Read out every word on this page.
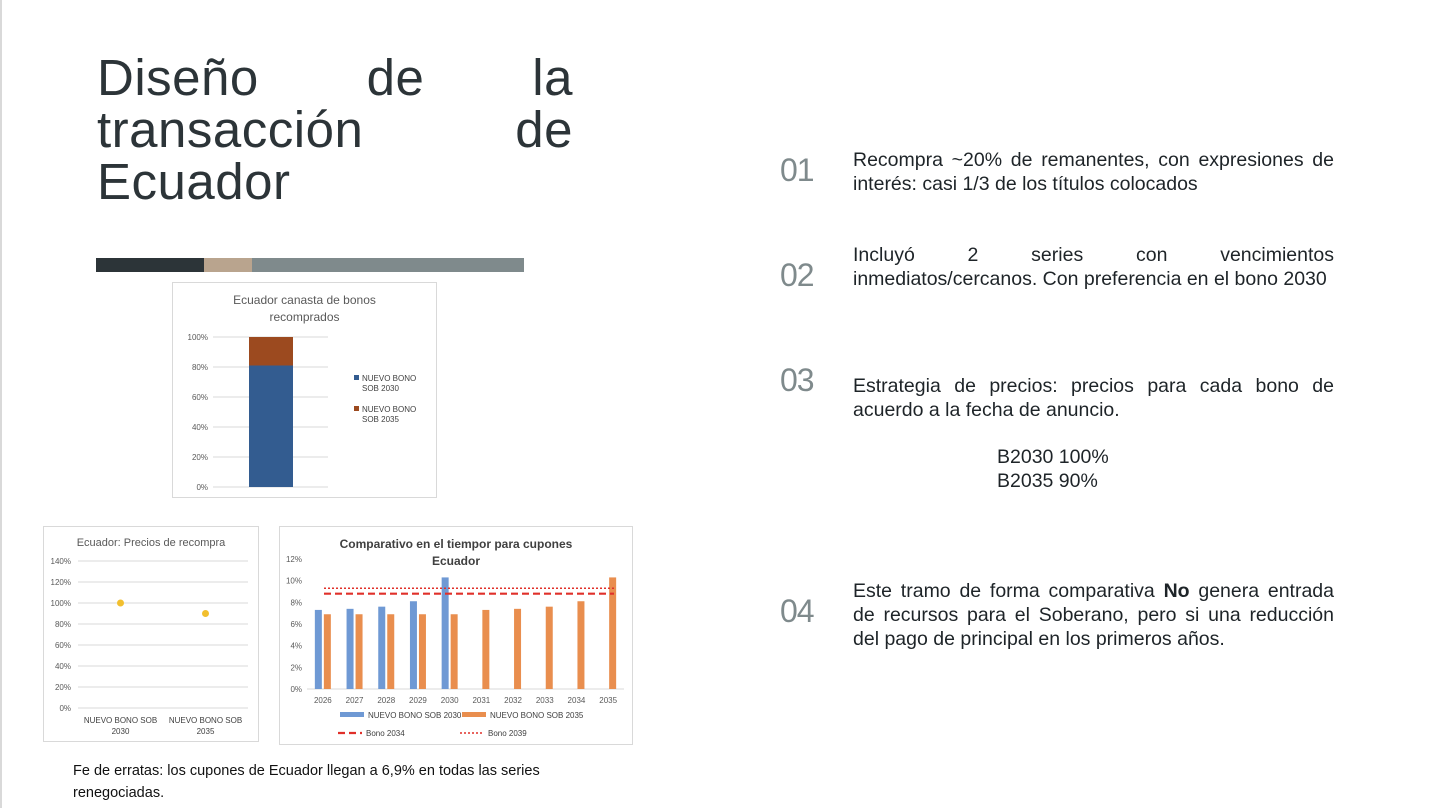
Diseño de la transacción de Ecuador
Ecuador canasta de bonos recomprados
0%
20%
40%
60%
80%
100%
NUEVO BONO
SOB 2030
NUEVO BONO
SOB 2035
Ecuador: Precios de recompra
0%
20%
40%
60%
80%
100%
120%
140%
NUEVO BONO SOB
2030
NUEVO BONO SOB
2035
Comparativo en el tiempor para cupones Ecuador
0%
2%
4%
6%
8%
10%
12%
2026 2027 2028 2029 2030 2031 2032 2033 2034 2035
NUEVO BONO SOB 2030	NUEVO BONO SOB 2035
Bono 2034	Bono 2039
01 Recompra ~20% de remanentes, con expresiones de interés: casi 1/3 de los títulos colocados
02
Incluyó 2 series con vencimientos inmediatos/cercanos. Con preferencia en el bono 2030
03 Estrategia de precios: precios para cada bono de acuerdo a la fecha de anuncio.
B2030 100%
B2035 90%
04
Este tramo de forma comparativa No genera entrada de recursos para el Soberano, pero si una reducción del pago de principal en los primeros años.
Fe de erratas: los cupones de Ecuador llegan a 6,9% en todas las series renegociadas.
